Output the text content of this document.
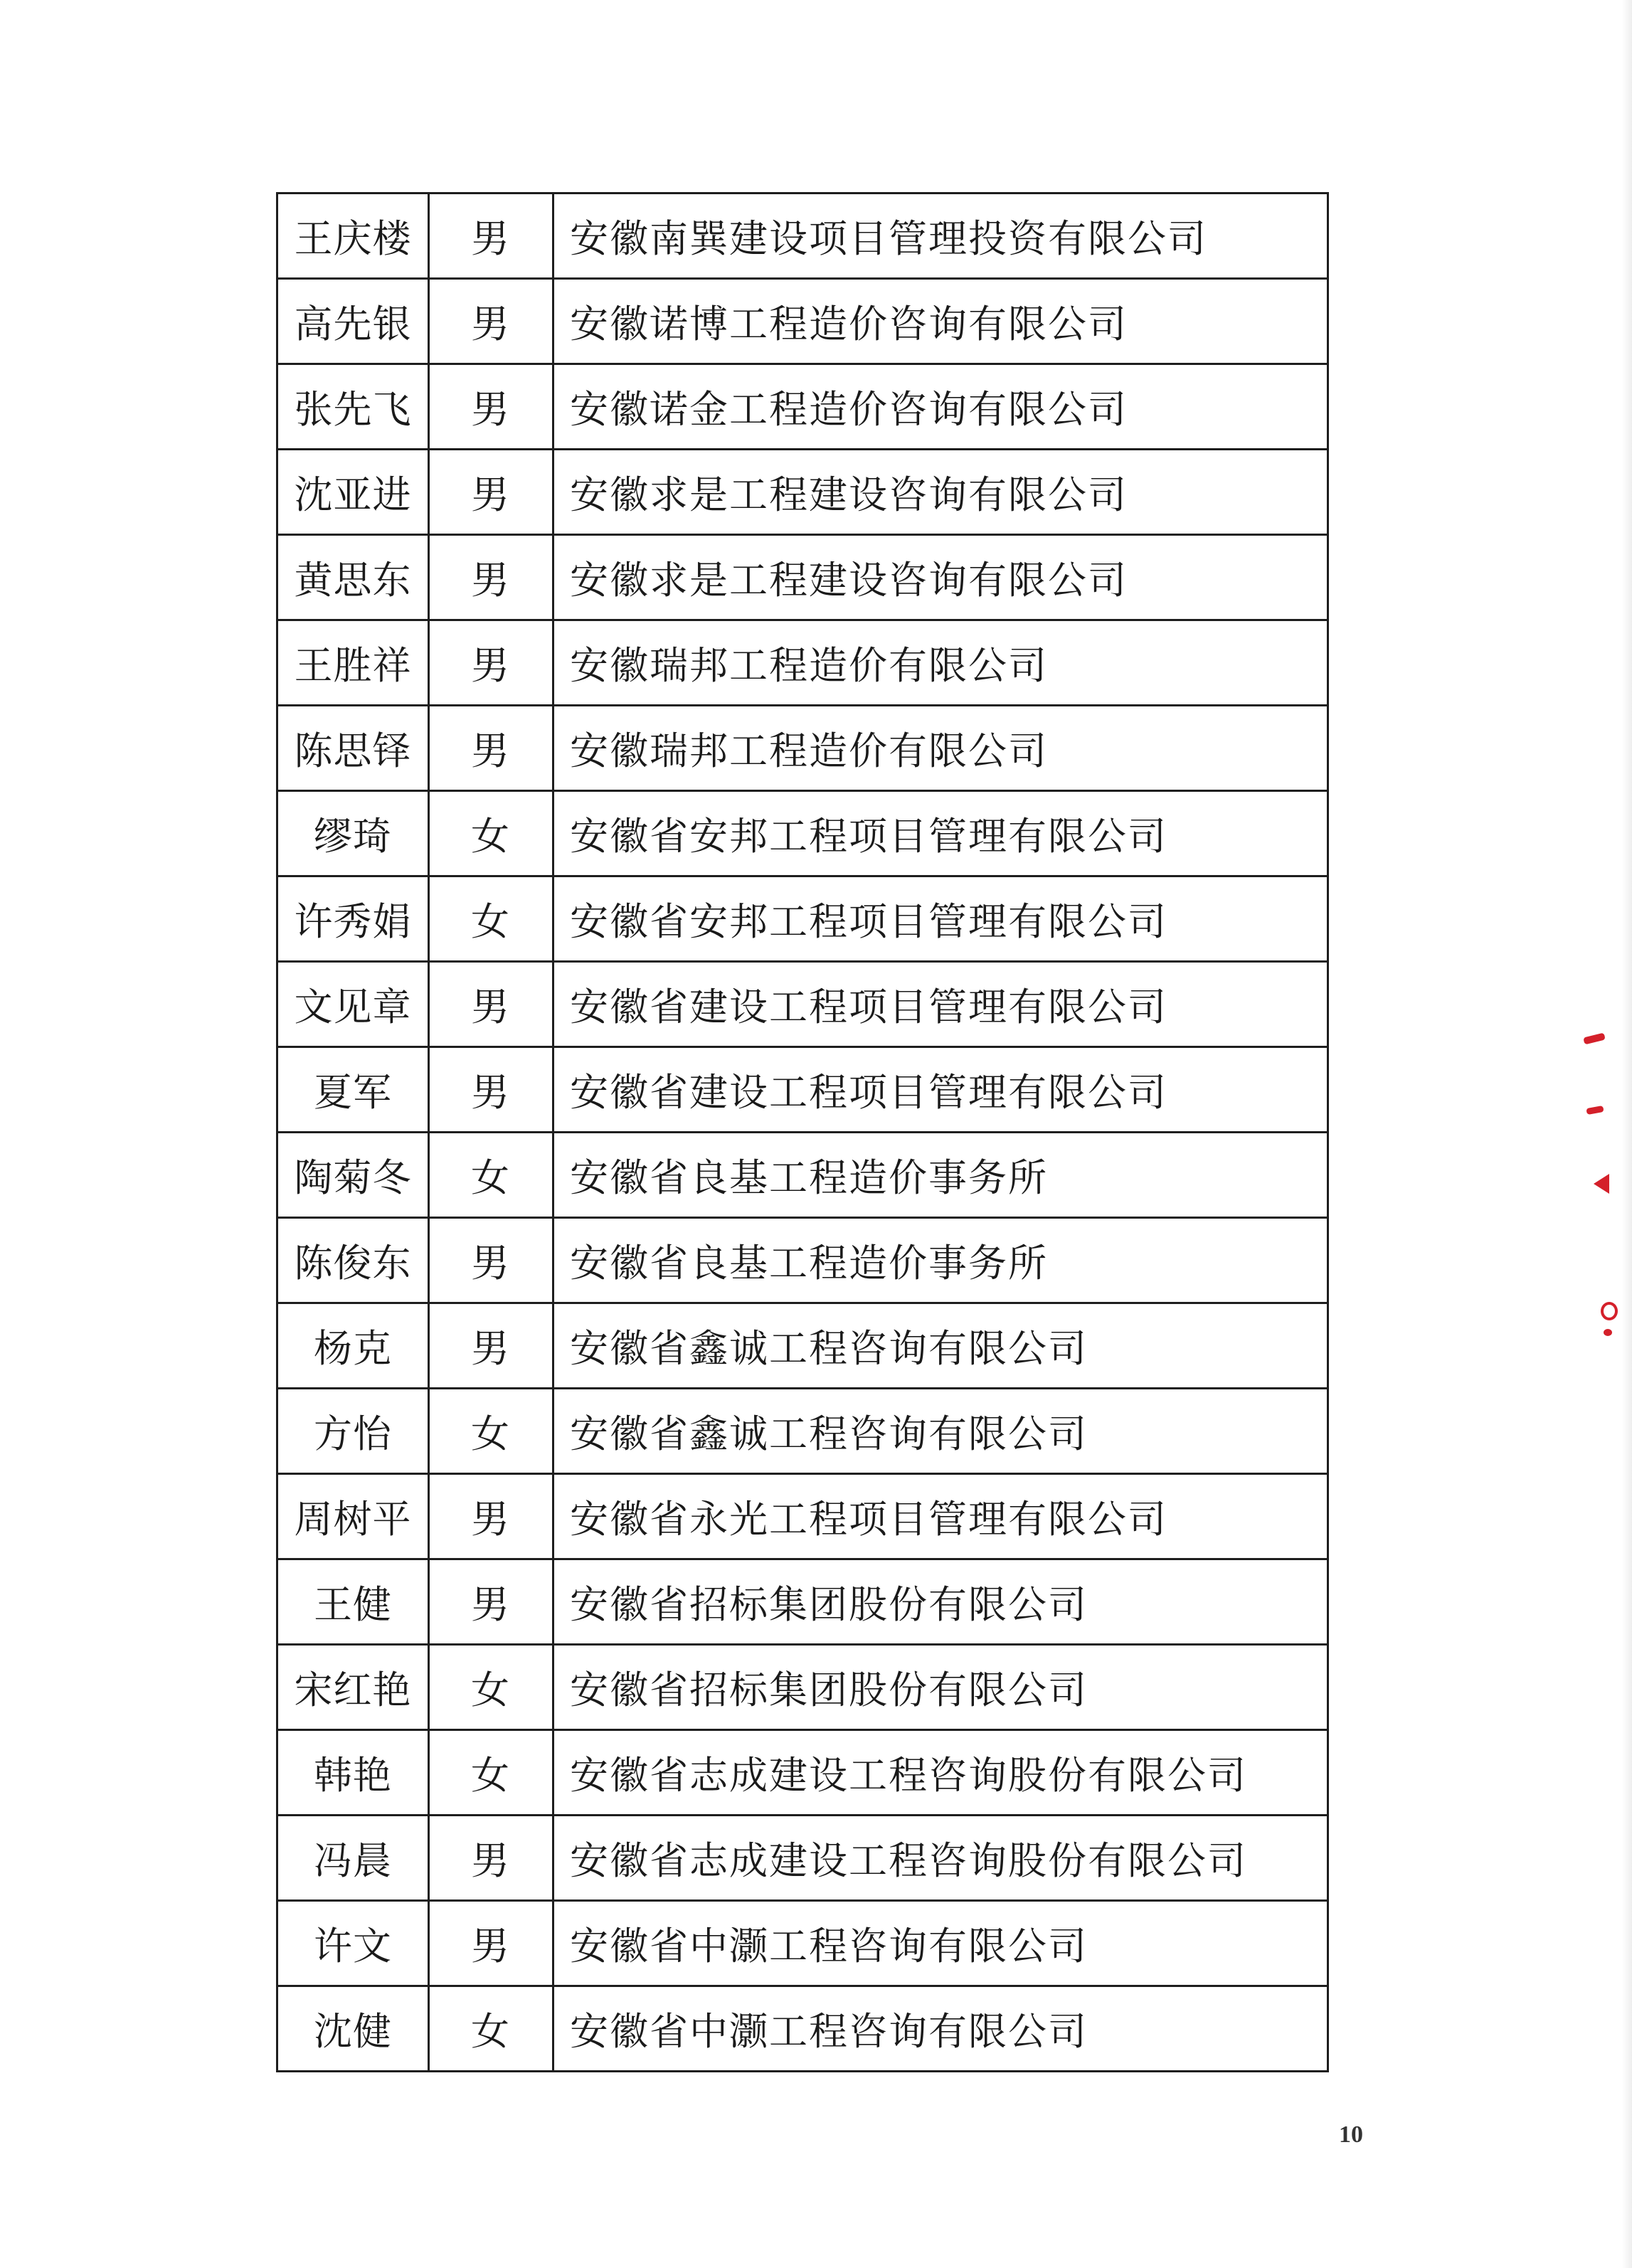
王庆楼	男	安徽南巽建设项目管理投资有限公司
高先银	男	安徽诺博工程造价咨询有限公司
张先飞	男	安徽诺金工程造价咨询有限公司
沈亚进	男	安徽求是工程建设咨询有限公司
黄思东	男	安徽求是工程建设咨询有限公司
王胜祥	男	安徽瑞邦工程造价有限公司
陈思铎	男	安徽瑞邦工程造价有限公司
缪琦	女	安徽省安邦工程项目管理有限公司
许秀娟	女	安徽省安邦工程项目管理有限公司
文见章	男	安徽省建设工程项目管理有限公司
夏军	男	安徽省建设工程项目管理有限公司
陶菊冬	女	安徽省良基工程造价事务所
陈俊东	男	安徽省良基工程造价事务所
杨克	男	安徽省鑫诚工程咨询有限公司
方怡	女	安徽省鑫诚工程咨询有限公司
周树平	男	安徽省永光工程项目管理有限公司
王健	男	安徽省招标集团股份有限公司
宋红艳	女	安徽省招标集团股份有限公司
韩艳	女	安徽省志成建设工程咨询股份有限公司
冯晨	男	安徽省志成建设工程咨询股份有限公司
许文	男	安徽省中灏工程咨询有限公司
沈健	女	安徽省中灏工程咨询有限公司
10
